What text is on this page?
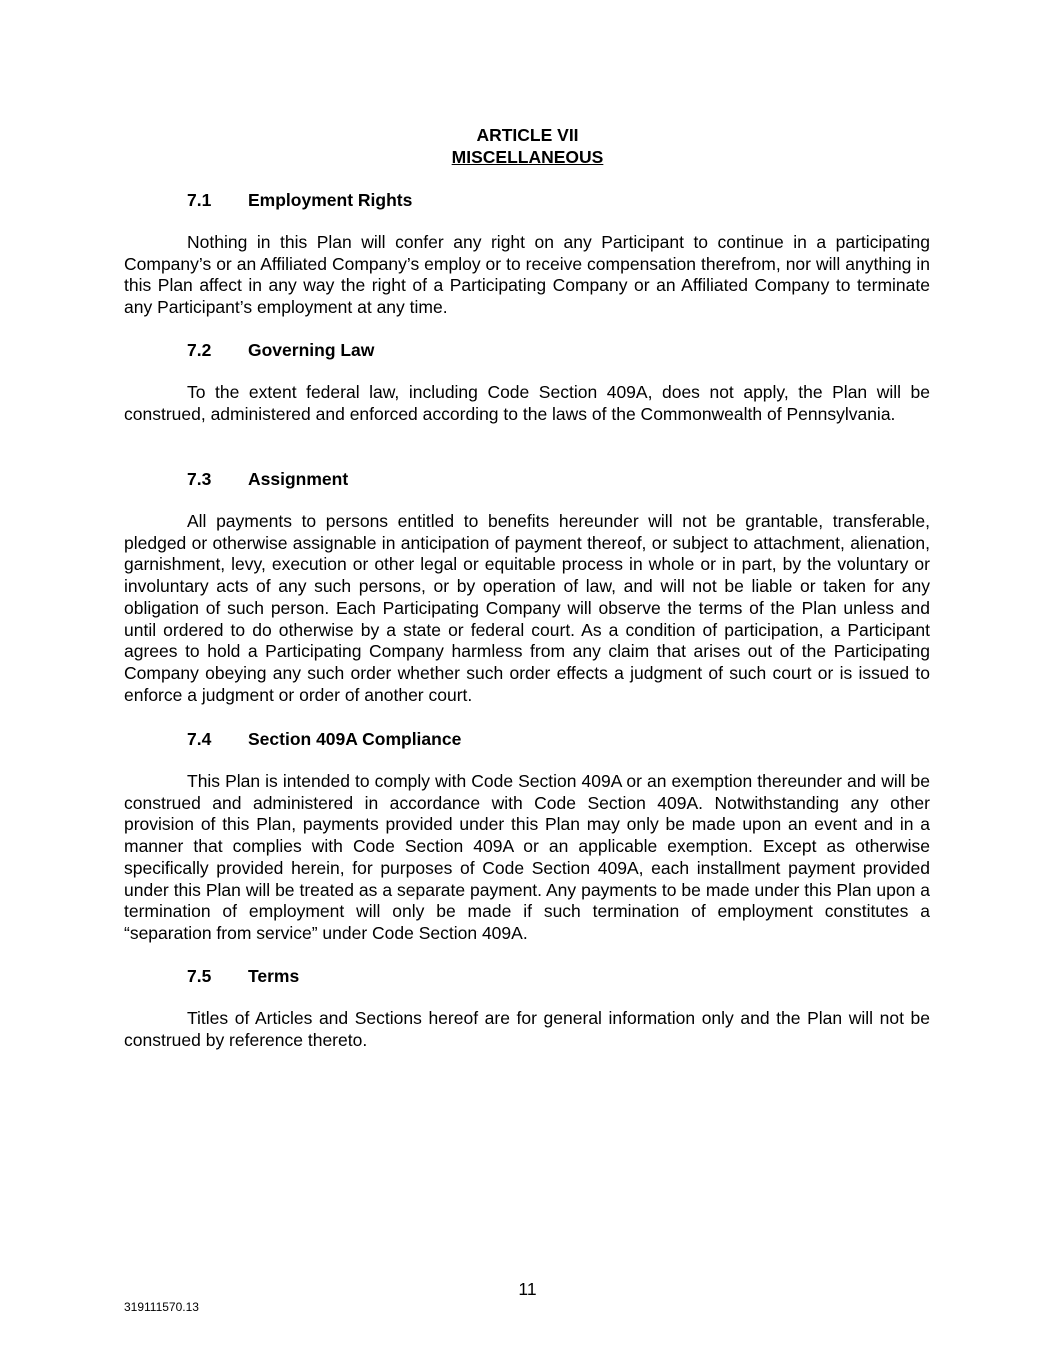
ARTICLE VII
MISCELLANEOUS
7.1 Employment Rights
Nothing in this Plan will confer any right on any Participant to continue in a participating Company’s or an Affiliated Company’s employ or to receive compensation therefrom, nor will anything in this Plan affect in any way the right of a Participating Company or an Affiliated Company to terminate any Participant’s employment at any time.
7.2 Governing Law
To the extent federal law, including Code Section 409A, does not apply, the Plan will be construed, administered and enforced according to the laws of the Commonwealth of Pennsylvania.
7.3 Assignment
All payments to persons entitled to benefits hereunder will not be grantable, transferable, pledged or otherwise assignable in anticipation of payment thereof, or subject to attachment, alienation, garnishment, levy, execution or other legal or equitable process in whole or in part, by the voluntary or involuntary acts of any such persons, or by operation of law, and will not be liable or taken for any obligation of such person. Each Participating Company will observe the terms of the Plan unless and until ordered to do otherwise by a state or federal court. As a condition of participation, a Participant agrees to hold a Participating Company harmless from any claim that arises out of the Participating Company obeying any such order whether such order effects a judgment of such court or is issued to enforce a judgment or order of another court.
7.4 Section 409A Compliance
This Plan is intended to comply with Code Section 409A or an exemption thereunder and will be construed and administered in accordance with Code Section 409A. Notwithstanding any other provision of this Plan, payments provided under this Plan may only be made upon an event and in a manner that complies with Code Section 409A or an applicable exemption. Except as otherwise specifically provided herein, for purposes of Code Section 409A, each installment payment provided under this Plan will be treated as a separate payment. Any payments to be made under this Plan upon a termination of employment will only be made if such termination of employment constitutes a “separation from service” under Code Section 409A.
7.5 Terms
Titles of Articles and Sections hereof are for general information only and the Plan will not be construed by reference thereto.
11
319111570.13
